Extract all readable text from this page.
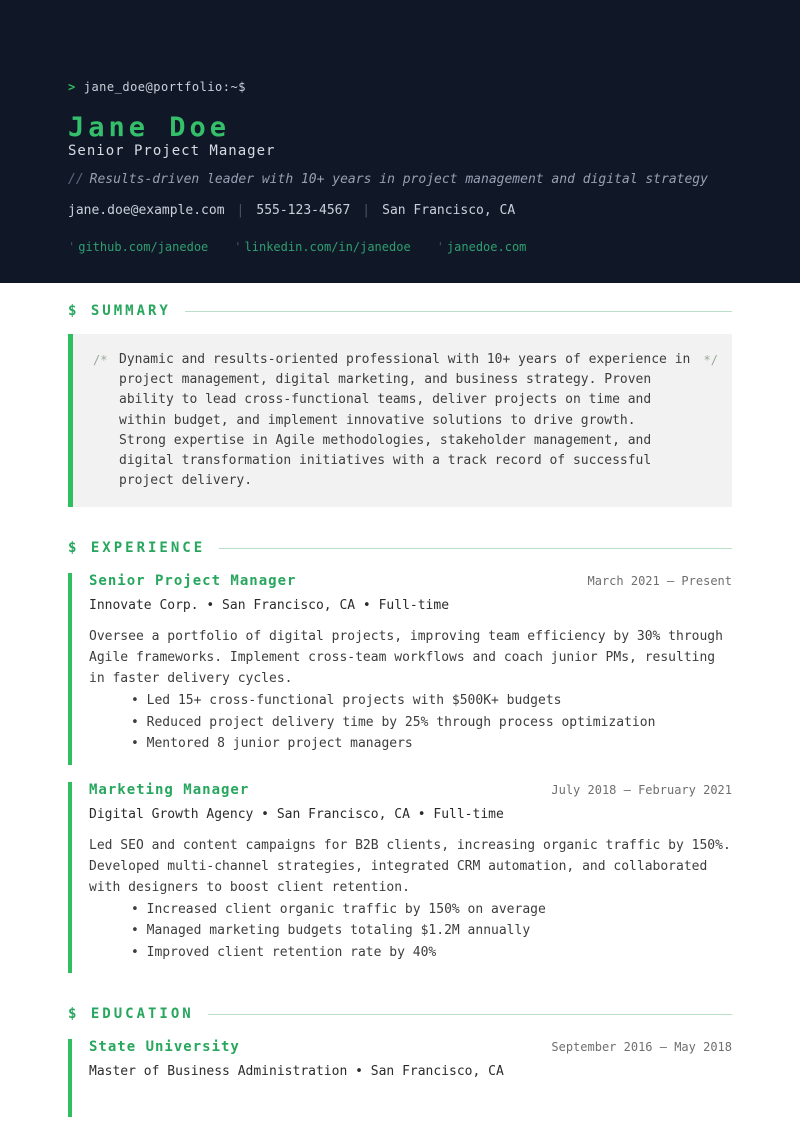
> jane_doe@portfolio:~$
Jane Doe
Senior Project Manager
// Results-driven leader with 10+ years in project management and digital strategy
jane.doe@example.com | 555-123-4567 | San Francisco, CA
' github.com/janedoe ' linkedin.com/in/janedoe ' janedoe.com
$ SUMMARY
/*	*/
Dynamic and results-oriented professional with 10+ years of experience in project management, digital marketing, and business strategy. Proven ability to lead cross-functional teams, deliver projects on time and within budget, and implement innovative solutions to drive growth.
Strong expertise in Agile methodologies, stakeholder management, and digital transformation initiatives with a track record of successful project delivery.
$ EXPERIENCE
Senior Project Manager	March 2021 – Present
Innovate Corp. • San Francisco, CA • Full-time
Oversee a portfolio of digital projects, improving team efficiency by 30% through Agile frameworks. Implement cross-team workflows and coach junior PMs, resulting in faster delivery cycles.
• Led 15+ cross-functional projects with $500K+ budgets
• Reduced project delivery time by 25% through process optimization
• Mentored 8 junior project managers
Marketing Manager	July 2018 – February 2021
Digital Growth Agency • San Francisco, CA • Full-time
Led SEO and content campaigns for B2B clients, increasing organic traffic by 150%. Developed multi-channel strategies, integrated CRM automation, and collaborated with designers to boost client retention.
• Increased client organic traffic by 150% on average
• Managed marketing budgets totaling $1.2M annually
• Improved client retention rate by 40%
$ EDUCATION
State University	September 2016 – May 2018
Master of Business Administration • San Francisco, CA
